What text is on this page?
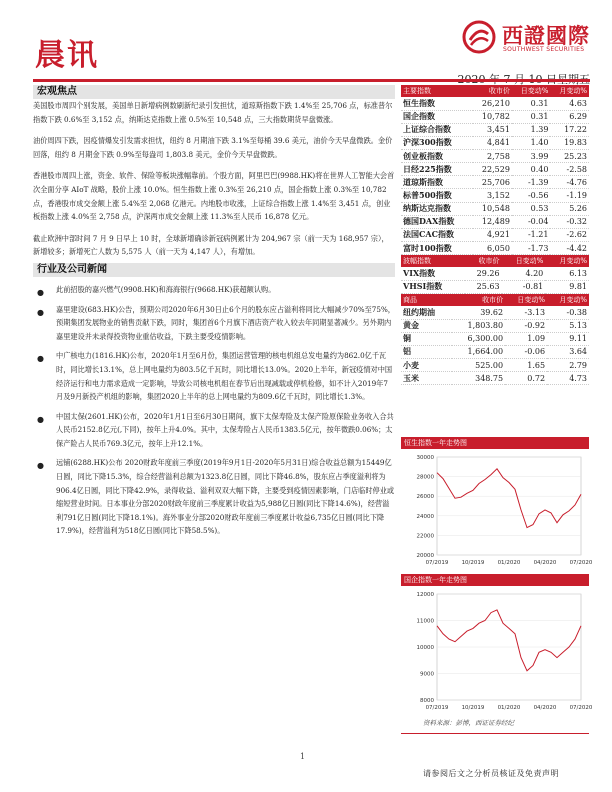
晨讯
西證國際
SOUTHWEST SECURITIES
宏观焦点

美国股市周四个别发展，美国单日新增病例数刷新纪录引发担忧，道琼斯指数下跌 1.4%至 25,706 点，标准普尔指数下跌 0.6%至 3,152 点，纳斯达克指数上涨 0.5%至 10,548 点，三大指数期货早盘微涨。

油价周四下跌，因疫情爆发引发需求担忧，纽约 8 月期油下跌 3.1%至每桶 39.6 美元，油价今天早盘微跌。金价回落，纽约 8 月期金下跌 0.9%至每盎司 1,803.8 美元，金价今天早盘微跌。

香港股市周四上涨，资金、软件、保险等板块涨幅靠前。个股方面，阿里巴巴(9988.HK)将在世界人工智能大会首次全面分享 AIoT 战略，股价上涨 10.0%。恒生指数上涨 0.3%至 26,210 点，国企指数上涨 0.3%至 10,782 点，香港股市成交金额上涨 5.4%至 2,068 亿港元。内地股市收涨，上证综合指数上涨 1.4%至 3,451 点，创业板指数上涨 4.0%至 2,758 点，沪深两市成交金额上涨 11.3%至人民币 16,878 亿元。

截止欧洲中部时间 7 月 9 日早上 10 时，全球新增确诊新冠病例累计为 204,967 宗（前一天为 168,957 宗），新增较多；新增死亡人数为 5,575 人（前一天为 4,147 人），有增加。

行业及公司新闻
● 此前招股的嘉兴燃气(9908.HK)和海海银行(9668.HK)获超额认购。
● 嘉里建设(683.HK)公告，预期公司2020年6月30日止6个月的股东应占溢利将同比大幅减少70%至75%，预期集团发展物业的销售贡献下跌，同时，集团首6个月旗下酒店资产收入较去年同期显著减少。另外期内嘉里建设并未录得投资物业重估收益，下跌主要受疫情影响。
● 中广核电力(1816.HK)公布，2020年1月至6月份，集团运营管理的核电机组总发电量约为862.0亿千瓦时，同比增长13.1%，总上网电量约为803.5亿千瓦时，同比增长13.0%。2020上半年，新冠疫情对中国经济运行和电力需求造成一定影响，导致公司核电机组在春节后出现减载或停机检修，如不计入2019年7月及9月新投产机组的影响，集团2020上半年的总上网电量约为809.6亿千瓦时，同比增长1.3%。
● 中国太保(2601.HK)公布，2020年1月1日至6月30日期间，旗下太保寿险及太保产险原保险业务收入合共人民币2152.8亿元(,下同)，按年上升4.0%。其中，太保寿险占人民币1383.5亿元，按年微跌0.06%；太保产险占人民币769.3亿元，按年上升12.1%。
● 远铺(6288.HK)公布 2020财政年度前三季度(2019年9月1日-2020年5月31日)综合收益总额为15449亿日圆，同比下降15.3%，综合经营溢利总额为1323.8亿日圆，同比下降46.8%，股东应占季度溢利将为906.4亿日圆，同比下降42.9%，录得收益、溢利双双大幅下降，主要受到疫情因素影响，门店临时停业或缩短营业时间。日本事业分部2020财政年度前三季度累计收益为5,988亿日圆(同比下降14.6%)，经营溢利791亿日圆(同比下降18.1%)。海外事业分部2020财政年度前三季度累计收益6,735亿日圆(同比下降17.9%)，经营溢利为518亿日圆(同比下降58.5%)。
主要指数	收市价	日变动%	月变动%
恒生指数	26,210	0.31	4.63
国企指数	10,782	0.31	6.29
上证综合指数	3,451	1.39	17.22
沪深300指数	4,841	1.40	19.83
创业板指数	2,758	3.99	25.23
日经225指数	22,529	0.40	-2.58
道琼斯指数	25,706	-1.39	-4.76
标普500指数	3,152	-0.56	-1.19
纳斯达克指数	10,548	0.53	5.26
德国DAX指数	12,489	-0.04	-0.32
法国CAC指数	4,921	-1.21	-2.62
富时100指数	6,050	-1.73	-4.42
波幅指数	收市价	日变动%	月变动%
VIX指数	29.26	4.20	6.13
VHSI指数	25.63	-0.81	9.81
商品	收市价	日变动%	月变动%
纽约期油	39.62	-3.13	-0.38
黄金	1,803.80	-0.92	5.13
铜	6,300.00	1.09	9.11
铝	1,664.00	-0.06	3.64
小麦	525.00	1.65	2.79
玉米	348.75	0.72	4.73
恒生指数一年走势图
20000
22000
24000
26000
28000
30000
07/2019 10/2019 01/2020 04/2020 07/2020
国企指数一年走势图
8000
9000
10000
11000
12000
07/2019 10/2019 01/2020 04/2020 07/2020
资料来源：彭博，西证证券经纪
1
请参阅后文之分析员核证及免责声明
